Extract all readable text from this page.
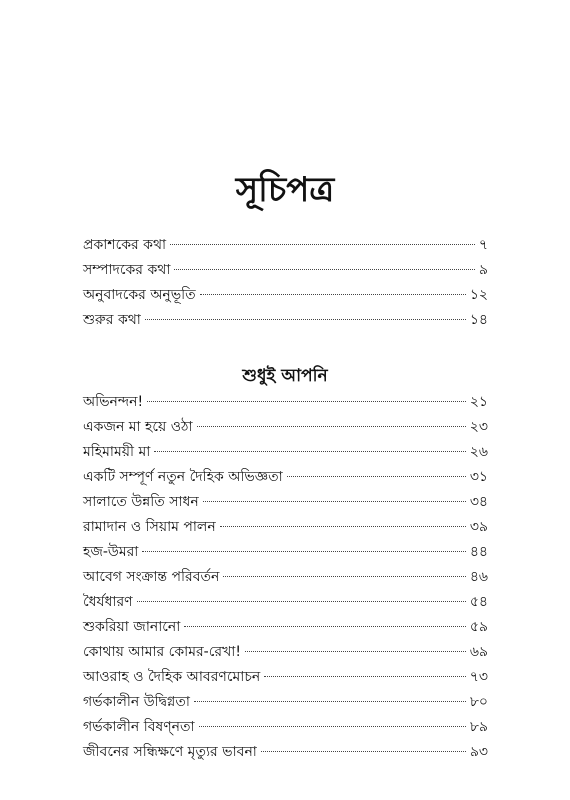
সূচিপত্র
প্রকাশকের কথা	৭
সম্পাদকের কথা	৯
অনুবাদকের অনুভূতি	১২
শুরুর কথা	১৪
শুধুই আপনি
অভিনন্দন!	২১
একজন মা হয়ে ওঠা	২৩
মহিমাময়ী মা	২৬
একটি সম্পূর্ণ নতুন দৈহিক অভিজ্ঞতা	৩১
সালাতে উন্নতি সাধন	৩৪
রামাদান ও সিয়াম পালন	৩৯
হজ-উমরা	৪৪
আবেগ সংক্রান্ত পরিবর্তন	৪৬
ধৈর্যধারণ	৫৪
শুকরিয়া জানানো	৫৯
কোথায় আমার কোমর-রেখা!	৬৯
আওরাহ ও দৈহিক আবরণমোচন	৭৩
গর্ভকালীন উদ্বিগ্নতা	৮০
গর্ভকালীন বিষণ্নতা	৮৯
জীবনের সন্ধিক্ষণে মৃত্যুর ভাবনা	৯৩
